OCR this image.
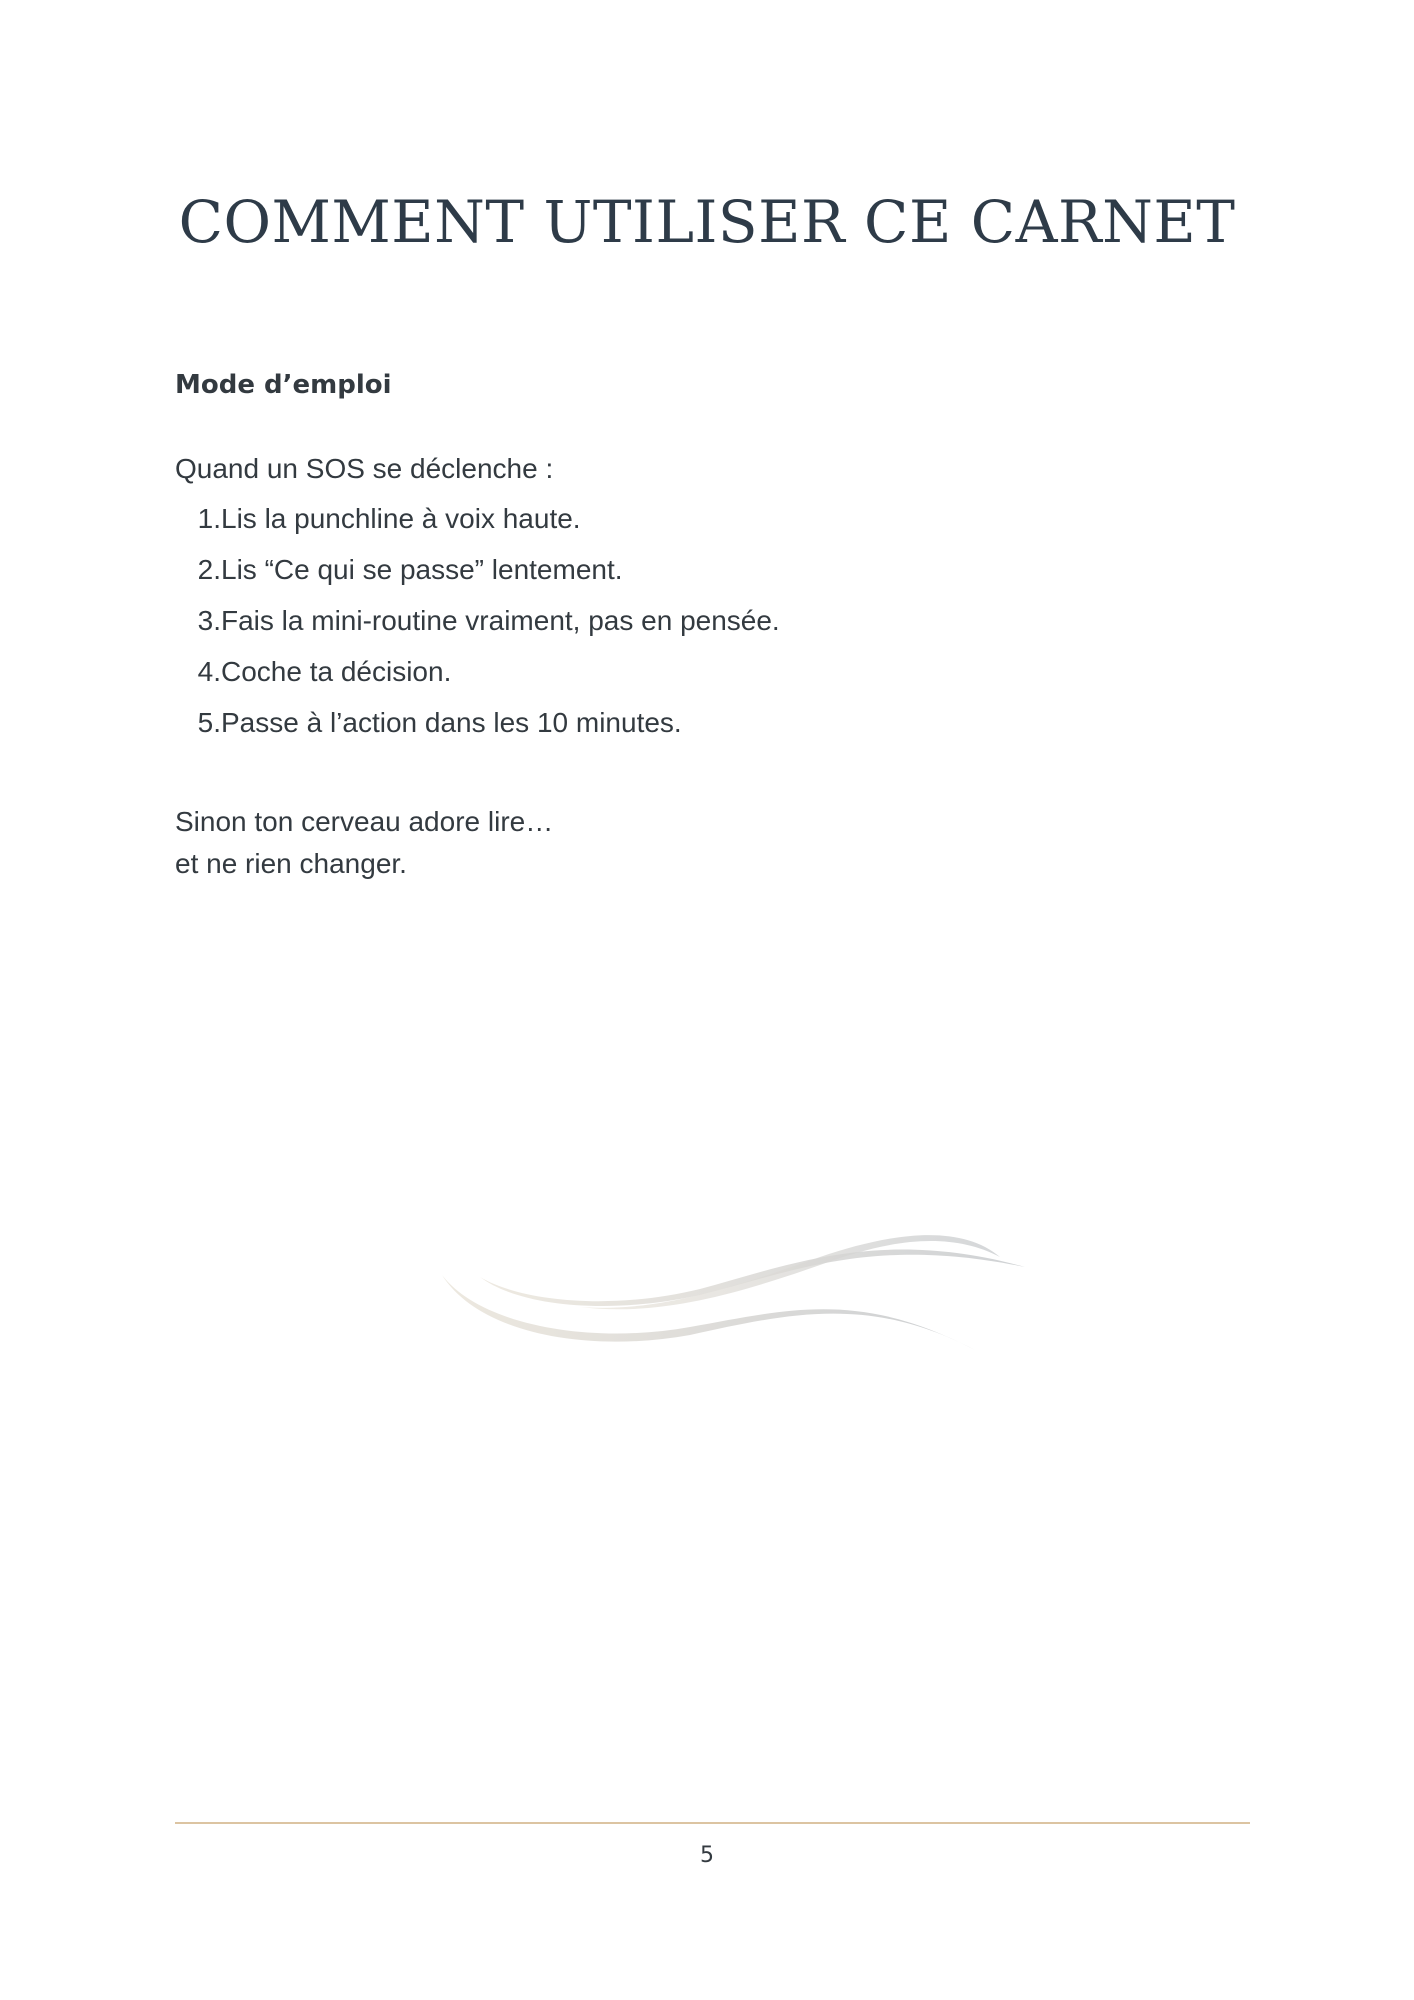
COMMENT UTILISER CE CARNET
Mode d’emploi

Quand un SOS se déclenche :

1. Lis la punchline à voix haute.
2. Lis “Ce qui se passe” lentement.
3. Fais la mini-routine vraiment, pas en pensée.
4. Coche ta décision.
5. Passe à l’action dans les 10 minutes.
Sinon ton cerveau adore lire…
et ne rien changer.
5
